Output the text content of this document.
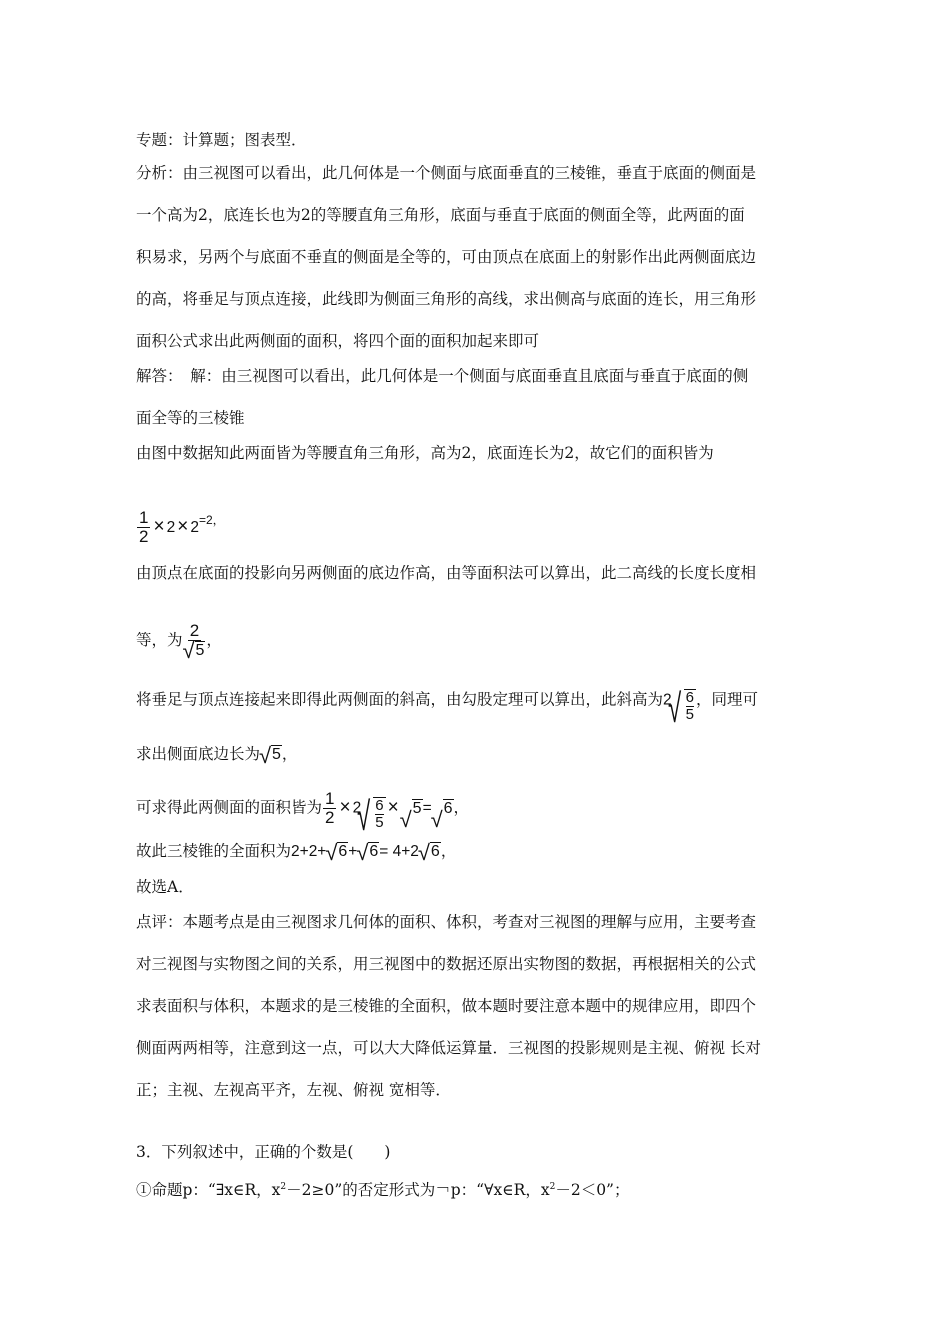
专题：计算题；图表型．
分析：由三视图可以看出，此几何体是一个侧面与底面垂直的三棱锥，垂直于底面的侧面是
一个高为2，底连长也为2的等腰直角三角形，底面与垂直于底面的侧面全等，此两面的面
积易求，另两个与底面不垂直的侧面是全等的，可由顶点在底面上的射影作出此两侧面底边
的高，将垂足与顶点连接，此线即为侧面三角形的高线，求出侧高与底面的连长，用三角形
面积公式求出此两侧面的面积，将四个面的面积加起来即可
解答：　解：由三视图可以看出，此几何体是一个侧面与底面垂直且底面与垂直于底面的侧
面全等的三棱锥
由图中数据知此两面皆为等腰直角三角形，高为2，底面连长为2，故它们的面积皆为
$\frac{1}{2} \times 2 \times 2^{=2,}$
由顶点在底面的投影向另两侧面的底边作高，由等面积法可以算出，此二高线的长度长度相
等，为 2
√ 5 ，
将垂足与顶点连接起来即得此两侧面的斜高，由勾股定理可以算出，此斜高为2 √ $\frac{6}{5}$ ，同理可
求出侧面底边长为 √ 5，
可求得此两侧面的面积皆为 $\frac{1}{2} \times 2$ √ $\frac{6}{5}$ × √ 5= √ 6，
故此三棱锥的全面积为2+2+ √ 6+ √ 6= 4+2 √ 6，
故选A．
点评：本题考点是由三视图求几何体的面积、体积，考查对三视图的理解与应用，主要考查
对三视图与实物图之间的关系，用三视图中的数据还原出实物图的数据，再根据相关的公式
求表面积与体积，本题求的是三棱锥的全面积，做本题时要注意本题中的规律应用，即四个
侧面两两相等，注意到这一点，可以大大降低运算量．三视图的投影规则是主视、俯视 长对
正；主视、左视高平齐，左视、俯视 宽相等．
3．下列叙述中，正确的个数是(　　)
①命题p：“∃x∈R，$x^2-2\ge 0$”的否定形式为￢p：“∀x∈R，$x^2-2<0$”；
